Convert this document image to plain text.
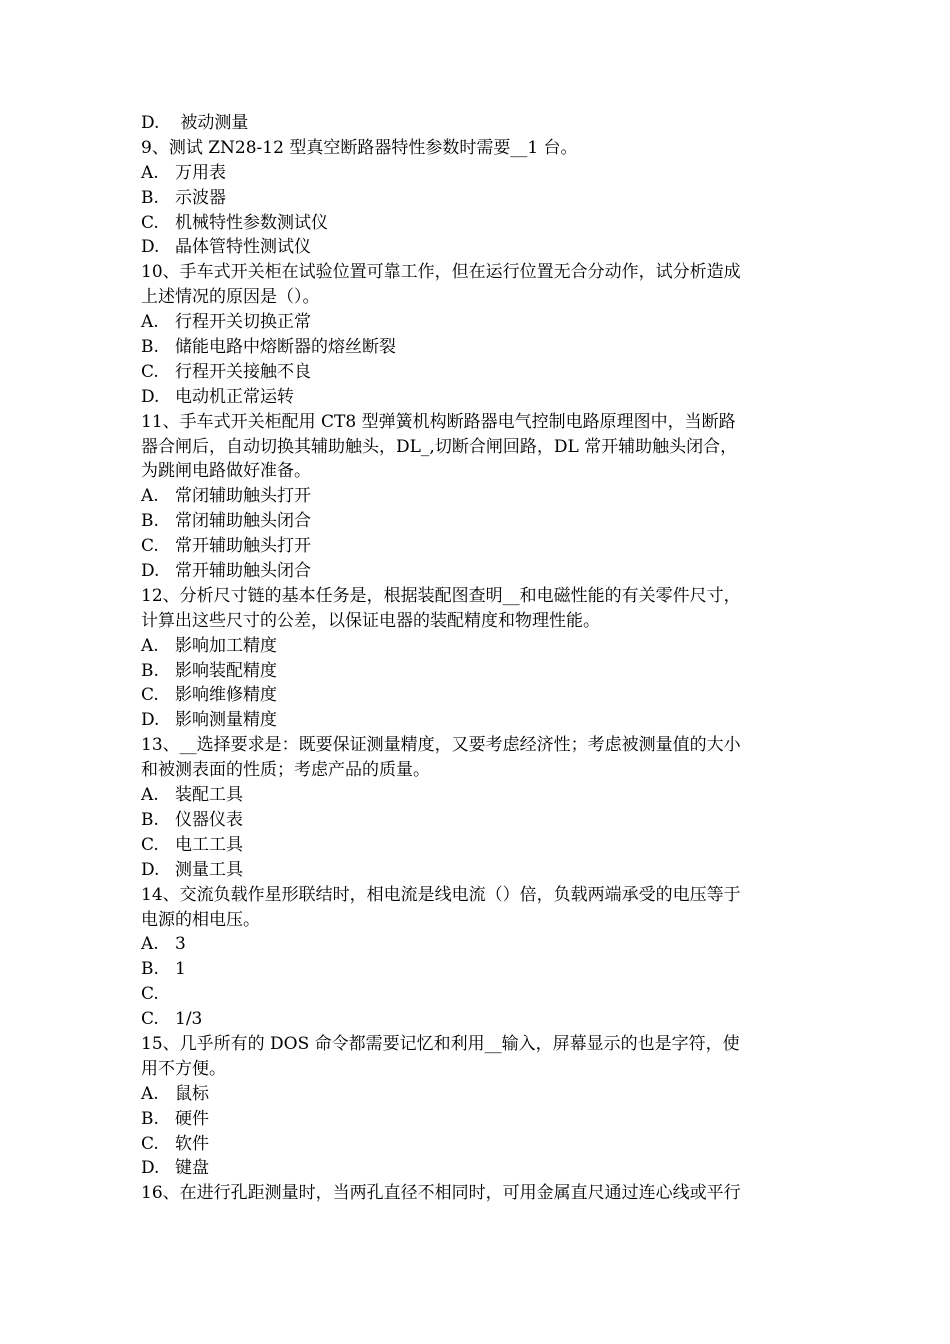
D. 被动测量
9、测试 ZN28-12 型真空断路器特性参数时需要__1 台。
A. 万用表
B. 示波器
C. 机械特性参数测试仪
D. 晶体管特性测试仪
10、手车式开关柜在试验位置可靠工作，但在运行位置无合分动作，试分析造成
上述情况的原因是（）。
A. 行程开关切换正常
B. 储能电路中熔断器的熔丝断裂
C. 行程开关接触不良
D. 电动机正常运转
11、手车式开关柜配用 CT8 型弹簧机构断路器电气控制电路原理图中，当断路
器合闸后，自动切换其辅助触头，DL_,切断合闸回路，DL 常开辅助触头闭合，
为跳闸电路做好准备。
A. 常闭辅助触头打开
B. 常闭辅助触头闭合
C. 常开辅助触头打开
D. 常开辅助触头闭合
12、分析尺寸链的基本任务是，根据装配图查明__和电磁性能的有关零件尺寸，
计算出这些尺寸的公差，以保证电器的装配精度和物理性能。
A. 影响加工精度
B. 影响装配精度
C. 影响维修精度
D. 影响测量精度
13、__选择要求是：既要保证测量精度，又要考虑经济性；考虑被测量值的大小
和被测表面的性质；考虑产品的质量。
A. 装配工具
B. 仪器仪表
C. 电工工具
D. 测量工具
14、交流负载作星形联结时，相电流是线电流（）倍，负载两端承受的电压等于
电源的相电压。
A. 3
B. 1
C.
C. 1/3
15、几乎所有的 DOS 命令都需要记忆和利用__输入，屏幕显示的也是字符，使
用不方便。
A. 鼠标
B. 硬件
C. 软件
D. 键盘
16、在进行孔距测量时，当两孔直径不相同时，可用金属直尺通过连心线或平行
